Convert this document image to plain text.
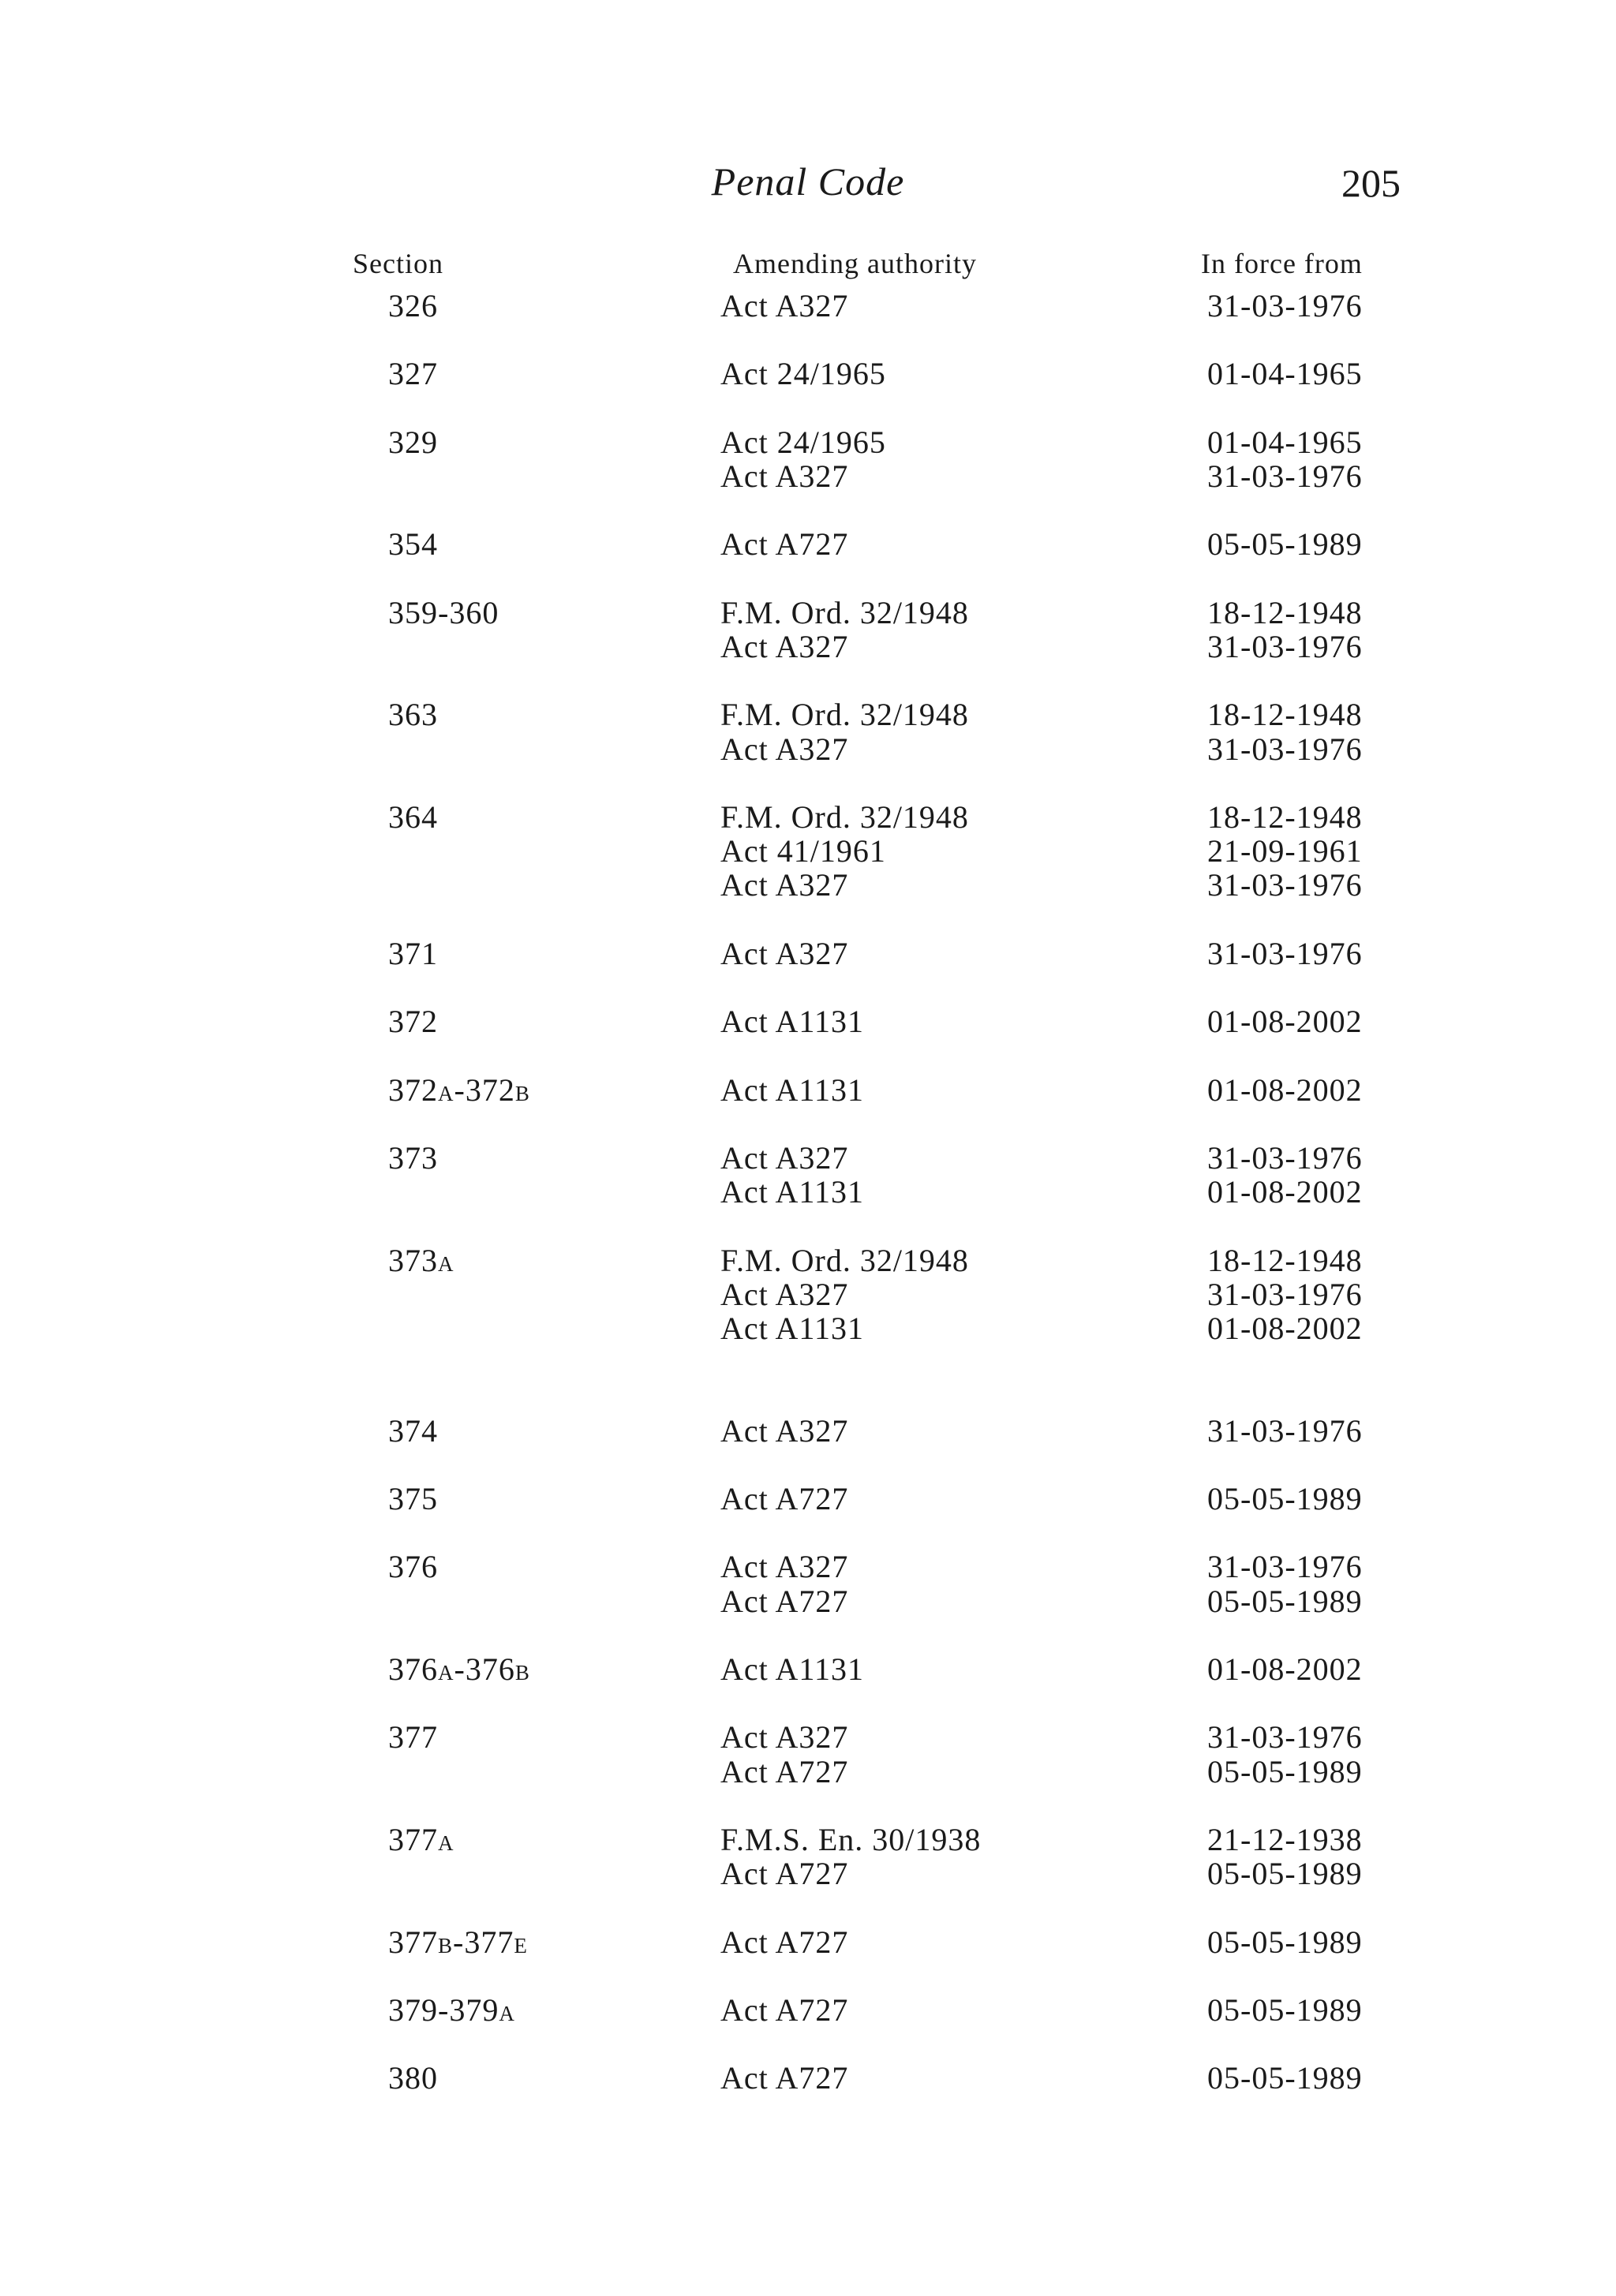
Penal Code	205
Section	Amending authority	In force from
326	Act A327	31-03-1976
327	Act 24/1965	01-04-1965
329	Act 24/1965	01-04-1965
Act A327	31-03-1976
354	Act A727	05-05-1989
359-360	F.M. Ord. 32/1948	18-12-1948
Act A327	31-03-1976
363	F.M. Ord. 32/1948	18-12-1948
Act A327	31-03-1976
364	F.M. Ord. 32/1948	18-12-1948
Act 41/1961	21-09-1961
Act A327	31-03-1976
371	Act A327	31-03-1976
372	Act A1131	01-08-2002
372A-372B	Act A1131	01-08-2002
373	Act A327	31-03-1976
Act A1131	01-08-2002
373A	F.M. Ord. 32/1948	18-12-1948
Act A327	31-03-1976
Act A1131	01-08-2002
374	Act A327	31-03-1976
375	Act A727	05-05-1989
376	Act A327	31-03-1976
Act A727	05-05-1989
376A-376B	Act A1131	01-08-2002
377	Act A327	31-03-1976
Act A727	05-05-1989
377A	F.M.S. En. 30/1938	21-12-1938
Act A727	05-05-1989
377B-377E	Act A727	05-05-1989
379-379A	Act A727	05-05-1989
380	Act A727	05-05-1989
